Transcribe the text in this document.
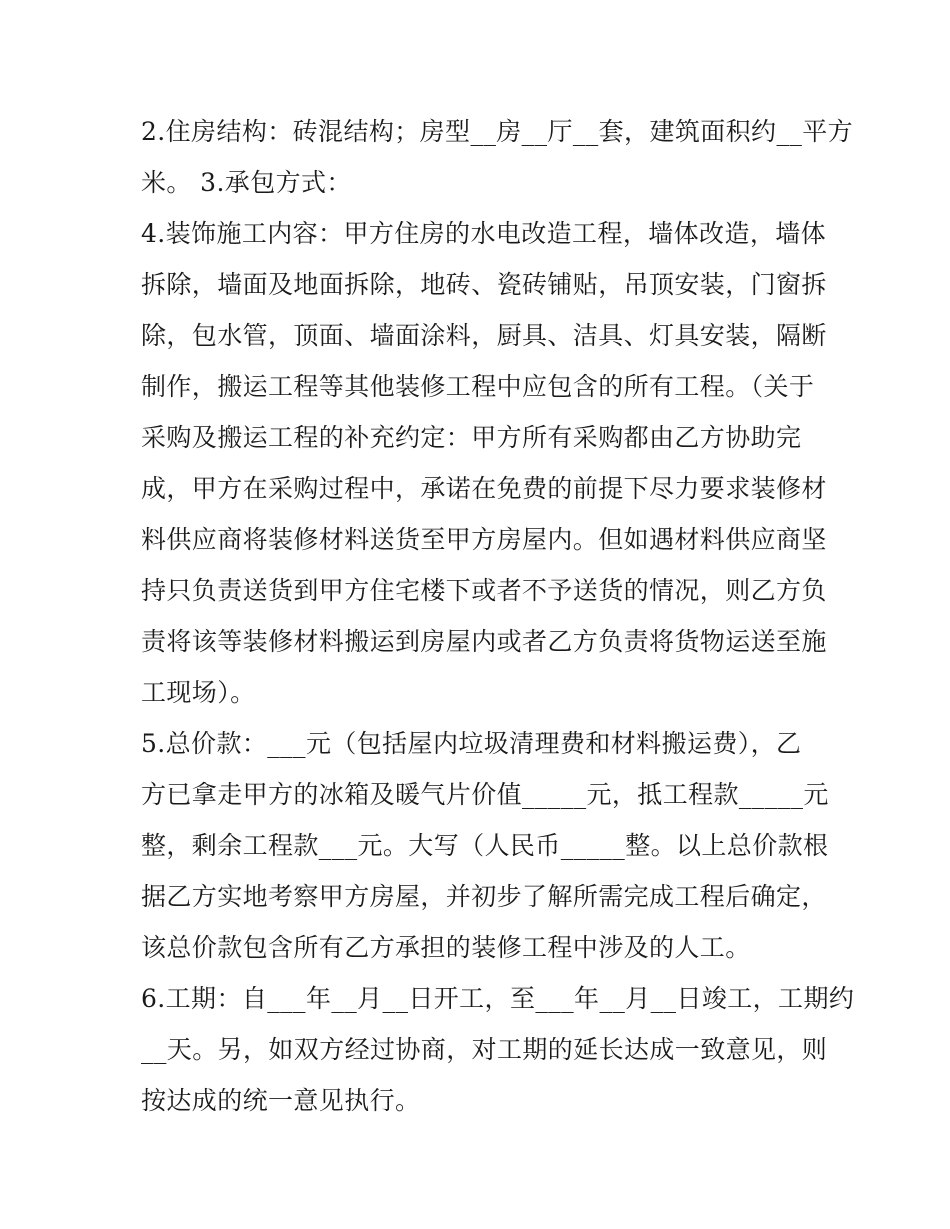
2.住房结构：砖混结构；房型__房__厅__套，建筑面积约__平方
米。 3.承包方式：
4.装饰施工内容：甲方住房的水电改造工程，墙体改造，墙体
拆除，墙面及地面拆除，地砖、瓷砖铺贴，吊顶安装，门窗拆
除，包水管，顶面、墙面涂料，厨具、洁具、灯具安装，隔断
制作，搬运工程等其他装修工程中应包含的所有工程。（关于
采购及搬运工程的补充约定：甲方所有采购都由乙方协助完
成，甲方在采购过程中，承诺在免费的前提下尽力要求装修材
料供应商将装修材料送货至甲方房屋内。但如遇材料供应商坚
持只负责送货到甲方住宅楼下或者不予送货的情况，则乙方负
责将该等装修材料搬运到房屋内或者乙方负责将货物运送至施
工现场）。
5.总价款：___元（包括屋内垃圾清理费和材料搬运费），乙
方已拿走甲方的冰箱及暖气片价值_____元，抵工程款_____元
整，剩余工程款___元。大写（人民币_____整。以上总价款根
据乙方实地考察甲方房屋，并初步了解所需完成工程后确定，
该总价款包含所有乙方承担的装修工程中涉及的人工。
6.工期：自___年__月__日开工，至___年__月__日竣工，工期约
__天。另，如双方经过协商，对工期的延长达成一致意见，则
按达成的统一意见执行。
